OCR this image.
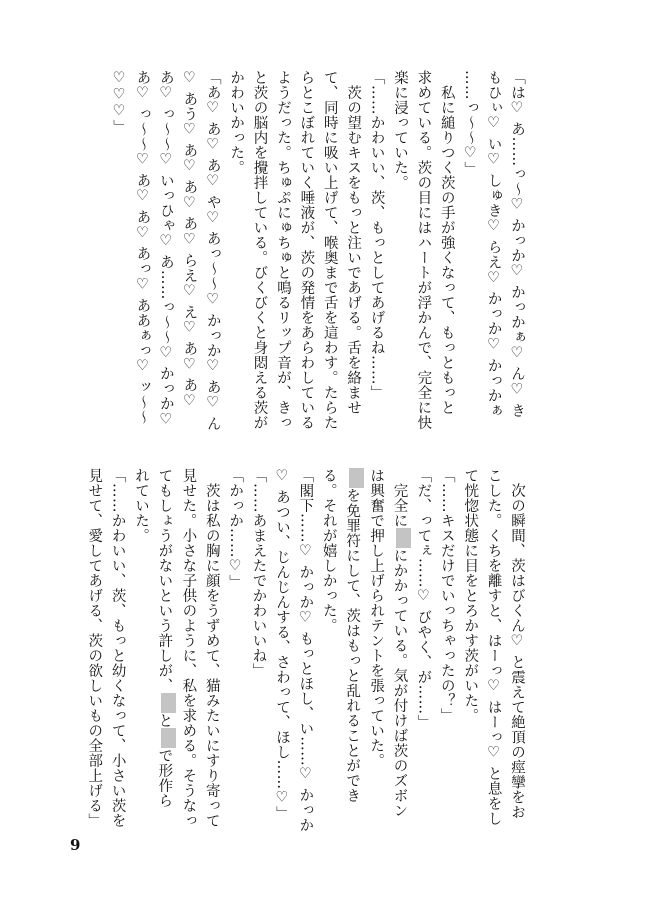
「は♡ あ……っ〜♡ かっか♡ かっかぁ♡ ん♡ き
もひぃ♡ い♡ しゅき♡ らえ♡ かっか♡ かっかぁ
……っ〜〜♡」
　私に縋りつく茨の手が強くなって、もっともっと
求めている。茨の目にはハートが浮かんで、完全に快
楽に浸っていた。
「……かわいい、茨、もっとしてあげるね……」
　茨の望むキスをもっと注いであげる。舌を絡ませ
て、同時に吸い上げて、喉奥まで舌を這わす。たらた
らとこぼれていく唾液が、茨の発情をあらわしている
ようだった。ちゅぷにゅちゅと鳴るリップ音が、きっ
と茨の脳内を攪拌している。びくびくと身悶える茨が
かわいかった。
「あ♡ あ♡ あ♡ や♡ あっ〜〜♡ かっか♡ あ♡ ん
♡ あう♡ あ♡ あ♡ あ♡ らえ♡ え♡ あ♡ あ♡
あ♡ っ〜〜♡ いっひゃ♡ あ……っ〜〜♡ かっか♡
あ♡ っ〜〜♡ あ♡ あ♡ あっ♡ ああぁっ♡ ッ〜〜
♡♡♡」
　次の瞬間、茨はびくん♡ と震えて絶頂の痙攣をお
こした。くちを離すと、はーっ♡ はーっ♡ と息をし
て恍惚状態に目をとろかす茨がいた。
「……キスだけでいっちゃったの？」
「だ、ってぇ……♡ びやく、が……」
　完全ににかかっている。気が付けば茨のズボン
は興奮で押し上げられテントを張っていた。
を免罪符にして、茨はもっと乱れることができ
る。それが嬉しかった。
「閣下……♡ かっか♡ もっとほし、い……♡ かっか
♡ あつい、じんじんする、さわって、ほし……♡」
「……あまえたでかわいいね」
「かっか……♡」
　茨は私の胸に顔をうずめて、猫みたいにすり寄って
見せた。小さな子供のように、私を求める。そうなっ
てもしょうがないという許しが、とで形作ら
れていた。
「……かわいい、茨、もっと幼くなって、小さい茨を
見せて、愛してあげる、茨の欲しいもの全部上げる」
9
